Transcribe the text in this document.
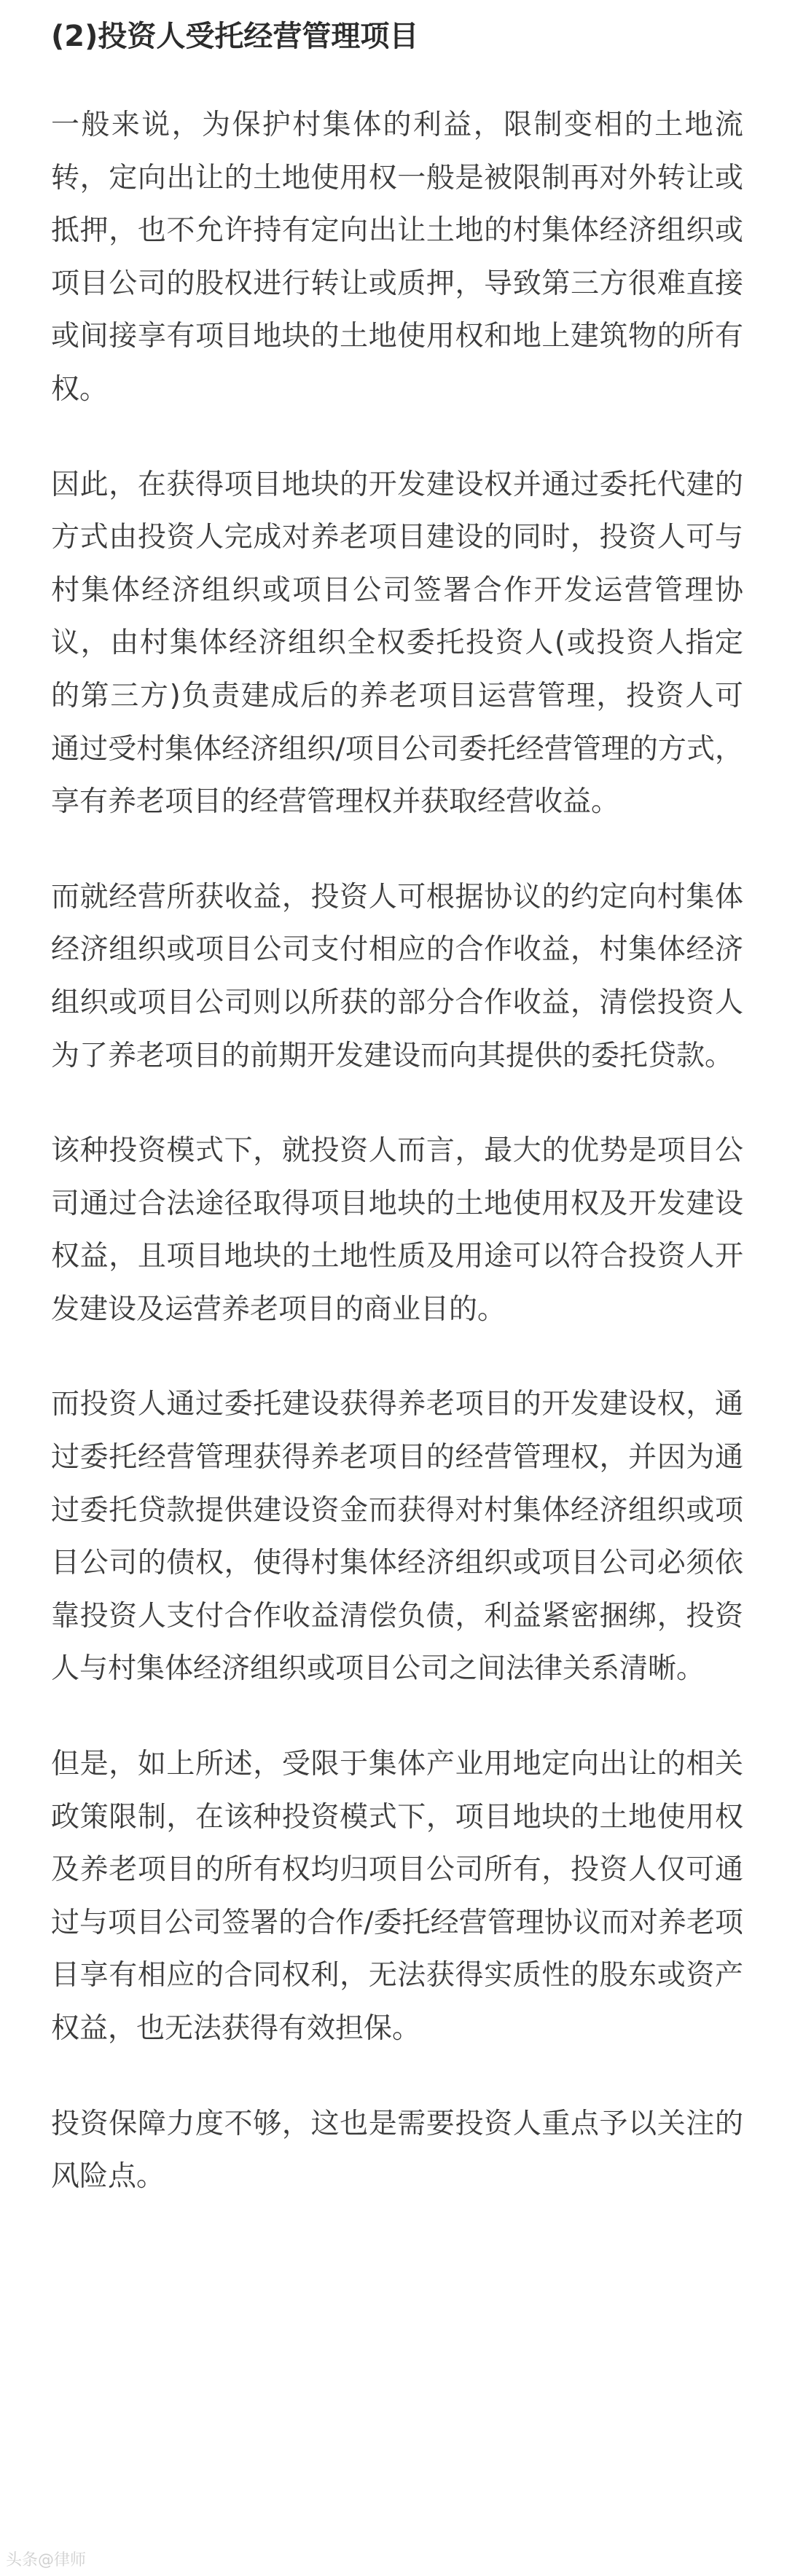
(2)投资人受托经营管理项目

一般来说，为保护村集体的利益，限制变相的土地流转，定向出让的土地使用权一般是被限制再对外转让或抵押，也不允许持有定向出让土地的村集体经济组织或项目公司的股权进行转让或质押，导致第三方很难直接或间接享有项目地块的土地使用权和地上建筑物的所有权。

因此，在获得项目地块的开发建设权并通过委托代建的方式由投资人完成对养老项目建设的同时，投资人可与村集体经济组织或项目公司签署合作开发运营管理协议，由村集体经济组织全权委托投资人(或投资人指定的第三方)负责建成后的养老项目运营管理，投资人可通过受村集体经济组织/项目公司委托经营管理的方式，享有养老项目的经营管理权并获取经营收益。

而就经营所获收益，投资人可根据协议的约定向村集体经济组织或项目公司支付相应的合作收益，村集体经济组织或项目公司则以所获的部分合作收益，清偿投资人为了养老项目的前期开发建设而向其提供的委托贷款。

该种投资模式下，就投资人而言，最大的优势是项目公司通过合法途径取得项目地块的土地使用权及开发建设权益，且项目地块的土地性质及用途可以符合投资人开发建设及运营养老项目的商业目的。

而投资人通过委托建设获得养老项目的开发建设权，通过委托经营管理获得养老项目的经营管理权，并因为通过委托贷款提供建设资金而获得对村集体经济组织或项目公司的债权，使得村集体经济组织或项目公司必须依靠投资人支付合作收益清偿负债，利益紧密捆绑，投资人与村集体经济组织或项目公司之间法律关系清晰。

但是，如上所述，受限于集体产业用地定向出让的相关政策限制，在该种投资模式下，项目地块的土地使用权及养老项目的所有权均归项目公司所有，投资人仅可通过与项目公司签署的合作/委托经营管理协议而对养老项目享有相应的合同权利，无法获得实质性的股东或资产权益，也无法获得有效担保。

投资保障力度不够，这也是需要投资人重点予以关注的风险点。

头条@律师
